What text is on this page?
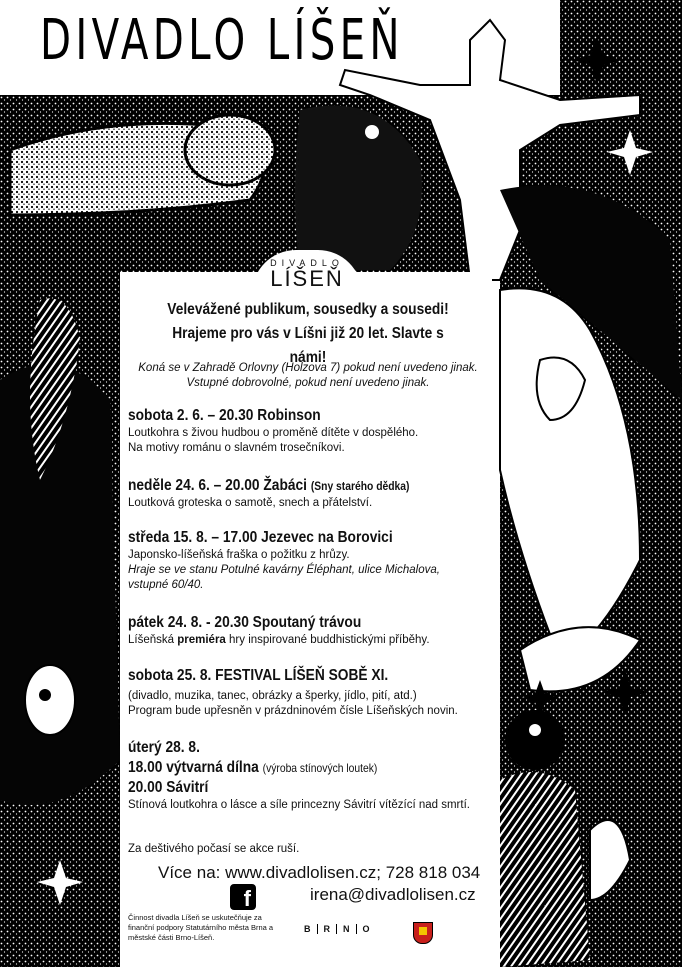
DIVADLO LÍŠEŇ
DIVADLO
LÍŠEŇ
Velevážené publikum, sousedky a sousedi!
Hrajeme pro vás v Líšni již 20 let. Slavte s námi!
Koná se v Zahradě Orlovny (Holzova 7) pokud není uvedeno jinak.
Vstupné dobrovolné, pokud není uvedeno jinak.
sobota 2. 6. – 20.30 Robinson
Loutkohra s živou hudbou o proměně dítěte v dospělého.
Na motivy románu o slavném trosečníkovi.
neděle 24. 6. – 20.00 Žabáci (Sny starého dědka)
Loutková groteska o samotě, snech a přátelství.
středa 15. 8. – 17.00 Jezevec na Borovici
Japonsko-líšeňská fraška o požitku z hrůzy.
Hraje se ve stanu Potulné kavárny Éléphant, ulice Michalova,
vstupné 60/40.
pátek 24. 8. - 20.30 Spoutaný trávou
Líšeňská premiéra hry inspirované buddhistickými příběhy.
sobota 25. 8. FESTIVAL LÍŠEŇ SOBĚ XI.
(divadlo, muzika, tanec, obrázky a šperky, jídlo, pití, atd.)
Program bude upřesněn v prázdninovém čísle Líšeňských novin.
úterý 28. 8.
18.00 výtvarná dílna (výroba stínových loutek)
20.00 Sávitrí
Stínová loutkohra o lásce a síle princezny Sávitrí vítězící nad smrtí.
Za deštivého počasí se akce ruší.
Více na: www.divadlolisen.cz; 728 818 034
f	irena@divadlolisen.cz
Činnost divadla Líšeň se uskutečňuje za finanční podpory Statutárního města Brna a městské části Brno-Líšeň.
B	R	N	O
